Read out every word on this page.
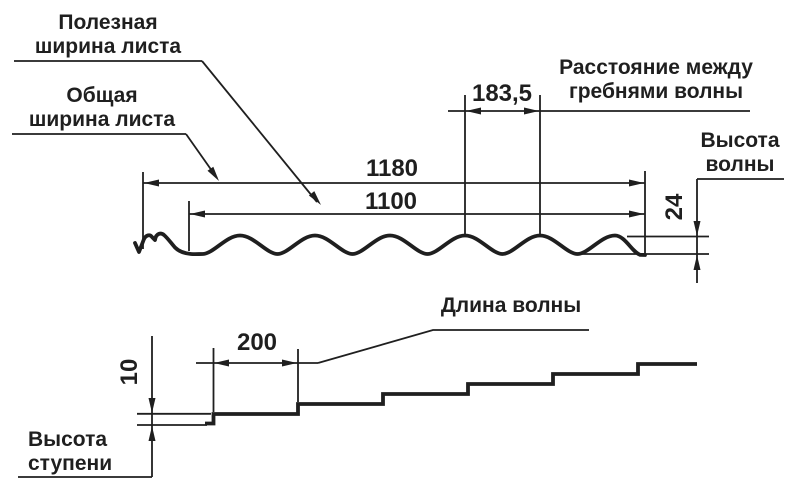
Полезная
ширина листа
Общая
ширина листа
Расстояние между
гребнями волны
Высота
волны
1180
1100
183,5
24
200
Длина волны
10
Высота
ступени
